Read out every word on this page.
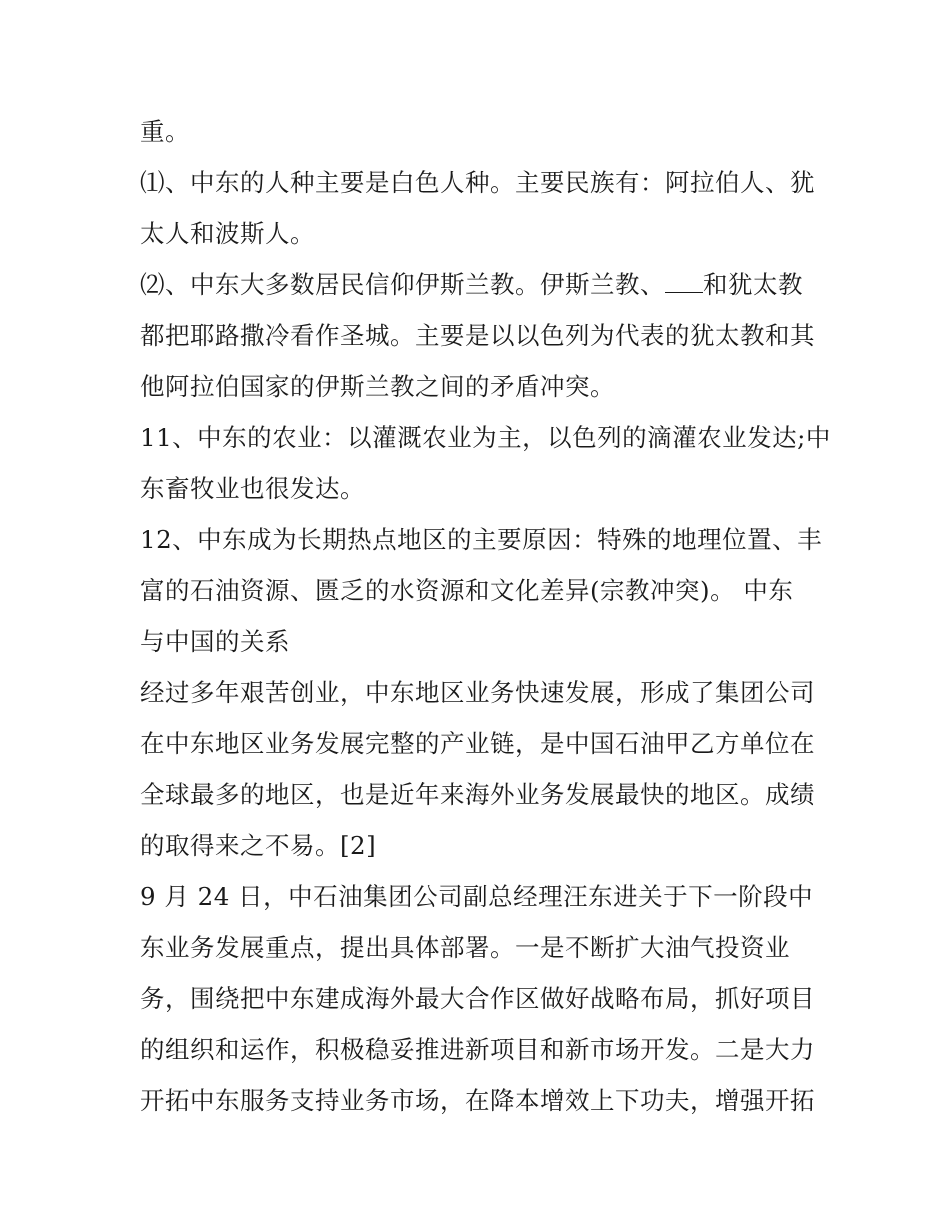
重。
⑴、中东的人种主要是白色人种。主要民族有：阿拉伯人、犹
太人和波斯人。
⑵、中东大多数居民信仰伊斯兰教。伊斯兰教、 和犹太教
都把耶路撒冷看作圣城。主要是以以色列为代表的犹太教和其
他阿拉伯国家的伊斯兰教之间的矛盾冲突。
11、中东的农业：以灌溉农业为主，以色列的滴灌农业发达;中
东畜牧业也很发达。
12、中东成为长期热点地区的主要原因：特殊的地理位置、丰
富的石油资源、匮乏的水资源和文化差异(宗教冲突)。 中东
与中国的关系
经过多年艰苦创业，中东地区业务快速发展，形成了集团公司
在中东地区业务发展完整的产业链，是中国石油甲乙方单位在
全球最多的地区，也是近年来海外业务发展最快的地区。成绩
的取得来之不易。[2]
9 月 24 日，中石油集团公司副总经理汪东进关于下一阶段中
东业务发展重点，提出具体部署。一是不断扩大油气投资业
务，围绕把中东建成海外最大合作区做好战略布局，抓好项目
的组织和运作，积极稳妥推进新项目和新市场开发。二是大力
开拓中东服务支持业务市场，在降本增效上下功夫，增强开拓
